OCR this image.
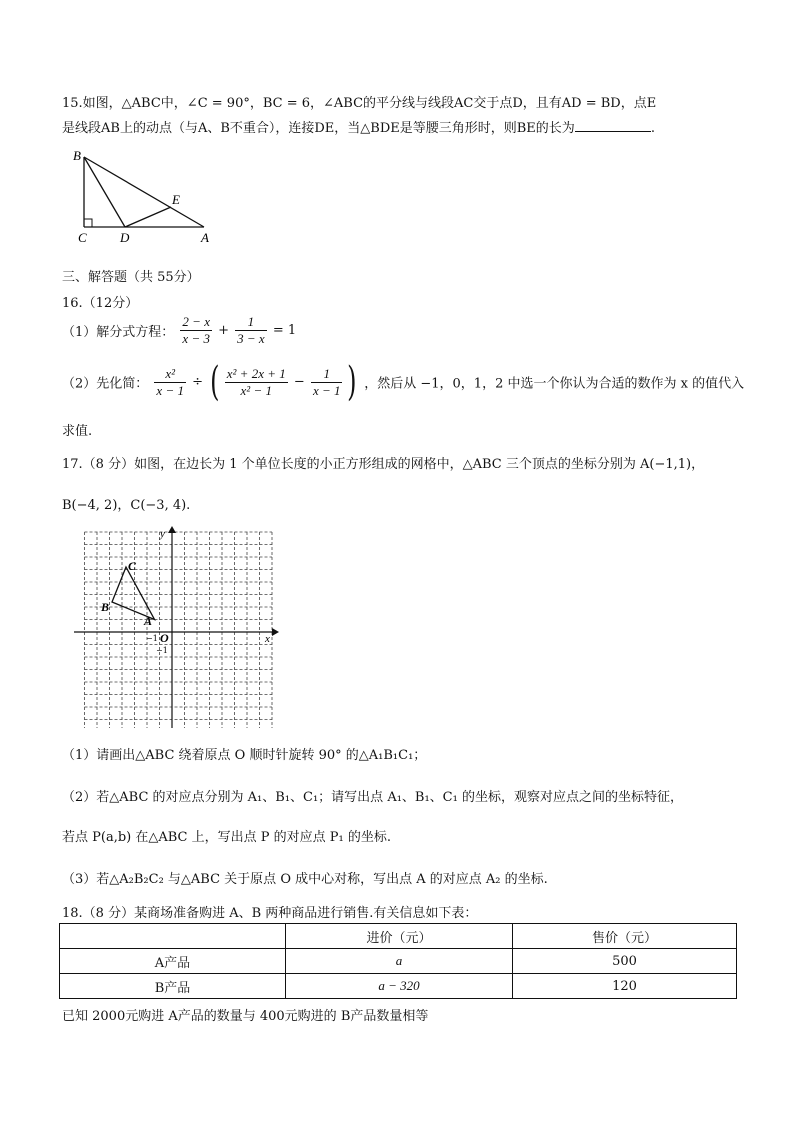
15.如图，△ABC中，∠C = 90°，BC = 6，∠ABC的平分线与线段AC交于点D，且有AD = BD，点E
是线段AB上的动点（与A、B不重合），连接DE，当△BDE是等腰三角形时，则BE的长为	.
B
E
C	D	A
三、解答题（共 55分）
16.（12分）
（1）解分式方程： $\frac{2 - x}{x - 3} + \frac{1}{3 - x} = 1$
（2）先化简： $\frac{\text{x²}}{x - 1}$ ÷ ( $\frac{\text{x² + 2x + 1}}{\text{x² − 1}} - \frac{1}{x - 1}$ ) ，然后从 −1，0，1，2 中选一个你认为合适的数作为 x 的值代入
求值.
17.（8 分）如图，在边长为 1 个单位长度的小正方形组成的网格中，△ABC 三个顶点的坐标分别为 A(−1,1)，
B(−4, 2)，C(−3, 4).
x
y
O
−1
−1
A
B
C
（1）请画出△ABC 绕着原点 O 顺时针旋转 90° 的△A₁B₁C₁；
（2）若△ABC 的对应点分别为 A₁、B₁、C₁；请写出点 A₁、B₁、C₁ 的坐标，观察对应点之间的坐标特征，
若点 P(a,b) 在△ABC 上，写出点 P 的对应点 P₁ 的坐标.
（3）若△A₂B₂C₂ 与△ABC 关于原点 O 成中心对称，写出点 A 的对应点 A₂ 的坐标.
18.（8 分）某商场准备购进 A、B 两种商品进行销售.有关信息如下表：
	进价（元）	售价（元）
A产品	a	500
B产品	a − 320	120
已知 2000元购进 A产品的数量与 400元购进的 B产品数量相等
